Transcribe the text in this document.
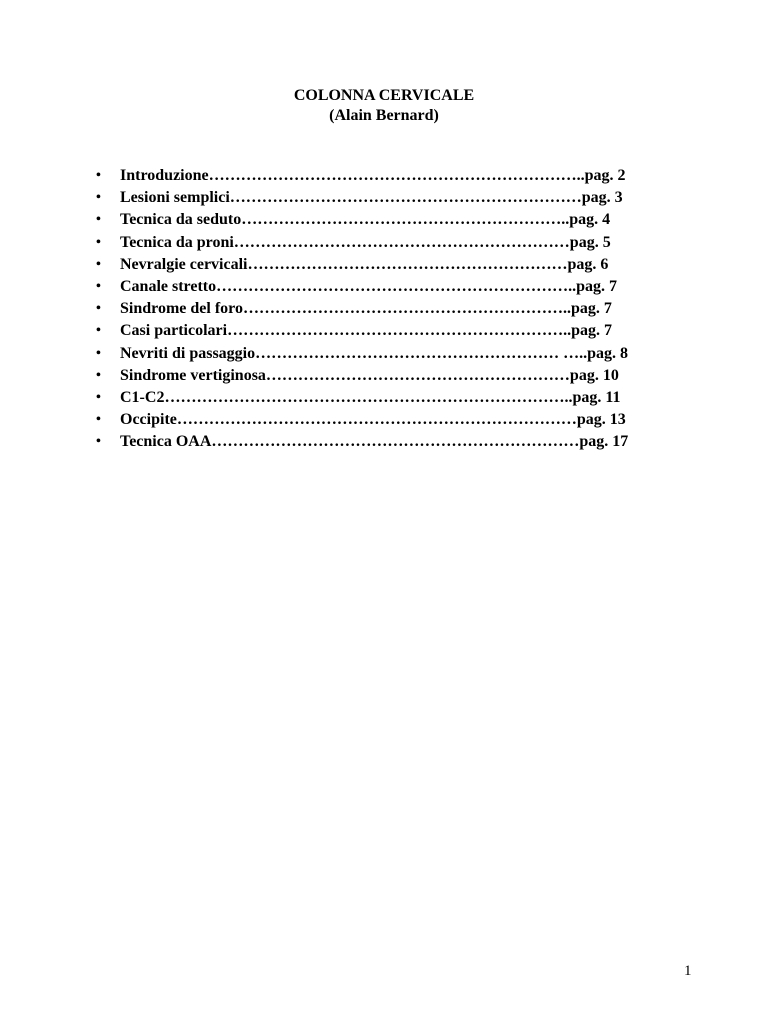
COLONNA CERVICALE
(Alain Bernard)
•	Introduzione……………………………………………………………..pag. 2
•	Lesioni semplici…………………………………………………………pag. 3
•	Tecnica da seduto……………………………………………………..pag. 4
•	Tecnica da proni………………………………………………………pag. 5
•	Nevralgie cervicali……………………………………………………pag. 6
•	Canale stretto…………………………………………………………..pag. 7
•	Sindrome del foro……………………………………………………..pag. 7
•	Casi particolari………………………………………………………..pag. 7
•	Nevriti di passaggio………………………………………………… …..pag. 8
•	Sindrome vertiginosa…………………………………………………pag. 10
•	C1-C2…………………………………………………………………..pag. 11
•	Occipite…………………………………………………………………pag. 13
•	Tecnica OAA……………………………………………………………pag. 17
1
